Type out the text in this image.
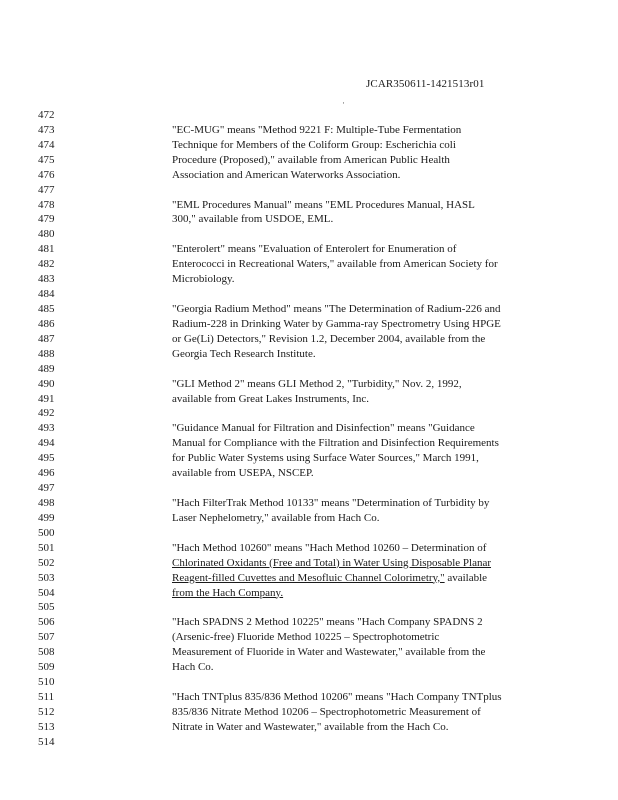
JCAR350611-1421513r01
·
472
473	"EC-MUG" means "Method 9221 F: Multiple-Tube Fermentation
474	Technique for Members of the Coliform Group: Escherichia coli
475	Procedure (Proposed)," available from American Public Health
476	Association and American Waterworks Association.
477
478	"EML Procedures Manual" means "EML Procedures Manual, HASL
479	300," available from USDOE, EML.
480
481	"Enterolert" means "Evaluation of Enterolert for Enumeration of
482	Enterococci in Recreational Waters," available from American Society for
483	Microbiology.
484
485	"Georgia Radium Method" means "The Determination of Radium-226 and
486	Radium-228 in Drinking Water by Gamma-ray Spectrometry Using HPGE
487	or Ge(Li) Detectors," Revision 1.2, December 2004, available from the
488	Georgia Tech Research Institute.
489
490	"GLI Method 2" means GLI Method 2, "Turbidity," Nov. 2, 1992,
491	available from Great Lakes Instruments, Inc.
492
493	"Guidance Manual for Filtration and Disinfection" means "Guidance
494	Manual for Compliance with the Filtration and Disinfection Requirements
495	for Public Water Systems using Surface Water Sources," March 1991,
496	available from USEPA, NSCEP.
497
498	"Hach FilterTrak Method 10133" means "Determination of Turbidity by
499	Laser Nephelometry," available from Hach Co.
500
501	"Hach Method 10260" means "Hach Method 10260 – Determination of
502	Chlorinated Oxidants (Free and Total) in Water Using Disposable Planar
503	Reagent-filled Cuvettes and Mesofluic Channel Colorimetry," available
504	from the Hach Company.
505
506	"Hach SPADNS 2 Method 10225" means "Hach Company SPADNS 2
507	(Arsenic-free) Fluoride Method 10225 – Spectrophotometric
508	Measurement of Fluoride in Water and Wastewater," available from the
509	Hach Co.
510
511	"Hach TNTplus 835/836 Method 10206" means "Hach Company TNTplus
512	835/836 Nitrate Method 10206 – Spectrophotometric Measurement of
513	Nitrate in Water and Wastewater," available from the Hach Co.
514
